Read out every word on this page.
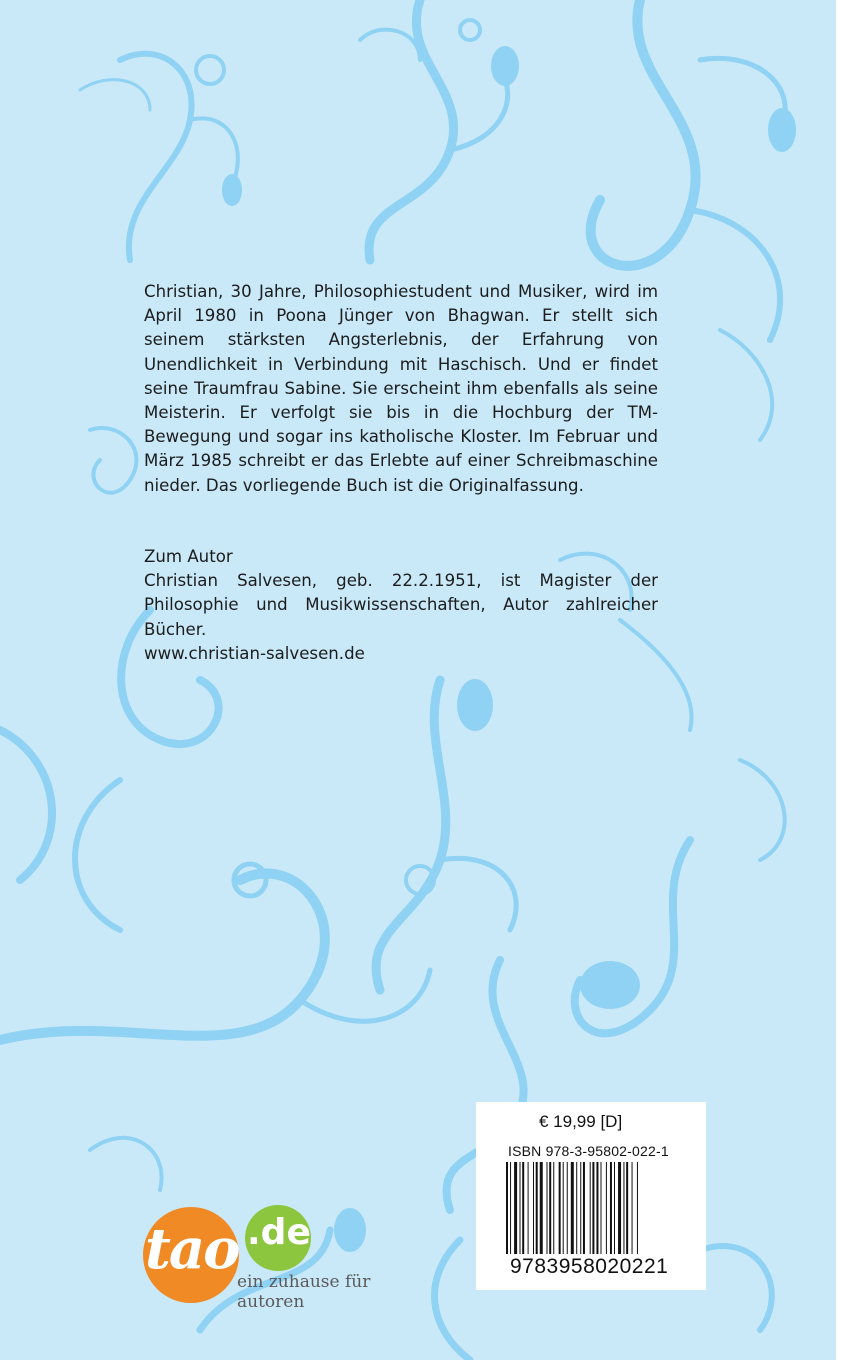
Christian, 30 Jahre, Philosophiestudent und Musiker, wird im April 1980 in Poona Jünger von Bhagwan. Er stellt sich seinem stärksten Angsterlebnis, der Erfahrung von Unendlichkeit in Verbindung mit Haschisch. Und er findet seine Traumfrau Sabine. Sie erscheint ihm ebenfalls als seine Meisterin. Er verfolgt sie bis in die Hochburg der TM-Bewegung und sogar ins katholische Kloster. Im Februar und März 1985 schreibt er das Erlebte auf einer Schreibmaschine nieder. Das vorliegende Buch ist die Originalfassung.

Zum Autor

Christian Salvesen, geb. 22.2.1951, ist Magister der Philosophie und Musikwissenschaften, Autor zahlreicher Bücher.

www.christian-salvesen.de

€ 19,99 [D]
ISBN 978-3-95802-022-1
9783958020221
tao .de
ein zuhause für autoren
